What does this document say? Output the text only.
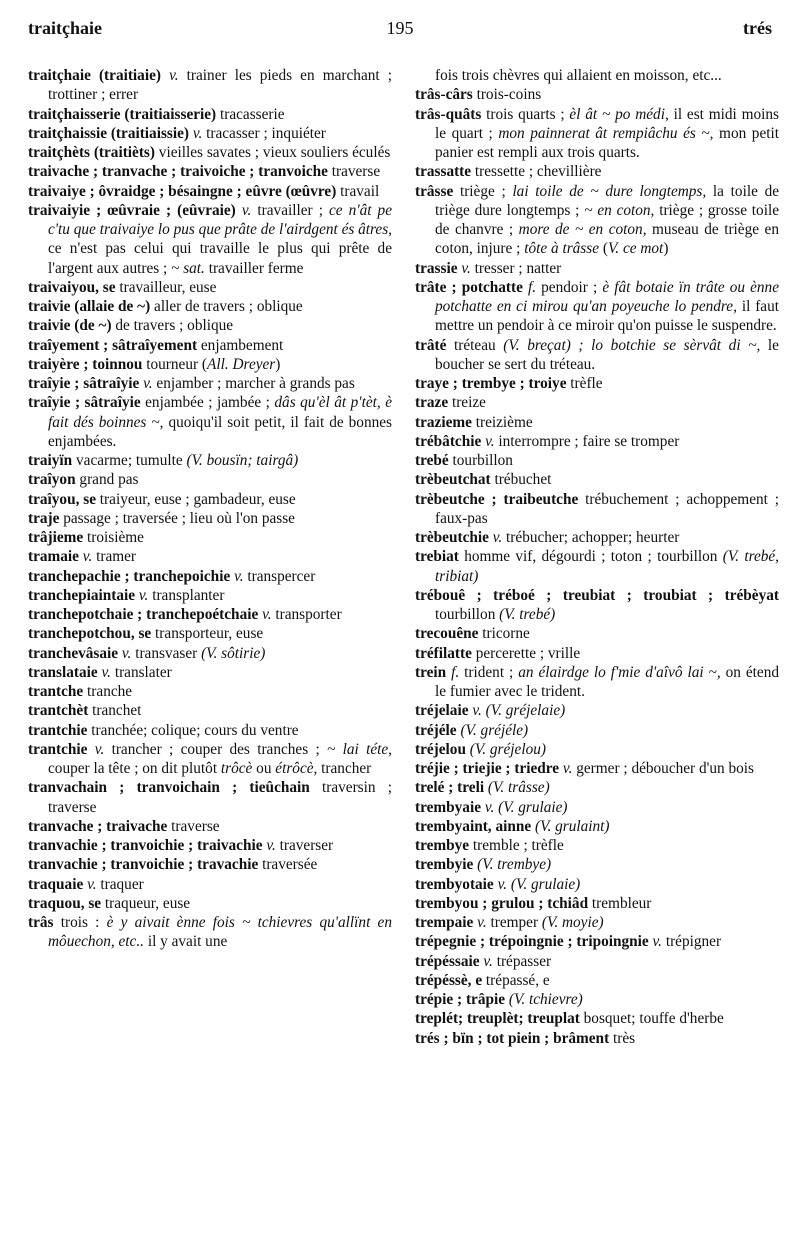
traitçhaie	195	trés
traitçhaie (traitiaie) v. trainer les pieds en marchant ; trottiner ; errer
traitçhaisserie (traitiaisserie) tracasserie
traitçhaissie (traitiaissie) v. tracasser ; inquiéter
traitçhèts (traitièts) vieilles savates ; vieux souliers éculés
traivache ; tranvache ; traivoiche ; tranvoiche traverse
traivaiye ; ôvraidge ; bésaingne ; eûvre (œûvre) travail
traivaiyie ; œûvraie ; (eûvraie) v. travailler ; ce n'ât pe c'tu que traivaiye lo pus que prâte de l'airdgent és âtres, ce n'est pas celui qui travaille le plus qui prête de l'argent aux autres ; ~ sat. travailler ferme
traivaiyou, se travailleur, euse
traivie (allaie de ~) aller de travers ; oblique
traivie (de ~) de travers ; oblique
traîyement ; sâtraîyement enjambement
traiyère ; toinnou tourneur (All. Dreyer)
traîyie ; sâtraîyie v. enjamber ; marcher à grands pas
traîyie ; sâtraîyie enjambée ; jambée ; dâs qu'èl ât p'tèt, è fait dés boinnes ~, quoiqu'il soit petit, il fait de bonnes enjambées.
traiyïn vacarme; tumulte (V. bousïn; tairgâ)
traîyon grand pas
traîyou, se traiyeur, euse ; gambadeur, euse
traje passage ; traversée ; lieu où l'on passe
trâjieme troisième
tramaie v. tramer
tranchepachie ; tranchepoichie v. transpercer
tranchepiaintaie v. transplanter
tranchepotchaie ; tranchepoétchaie v. transporter
tranchepotchou, se transporteur, euse
tranchevâsaie v. transvaser (V. sôtirie)
translataie v. translater
trantche tranche
trantchèt tranchet
trantchie tranchée; colique; cours du ventre
trantchie v. trancher ; couper des tranches ; ~ lai téte, couper la tête ; on dit plutôt trôcè ou étrôcè, trancher
tranvachain ; tranvoichain ; tieûchain traversin ; traverse
tranvache ; traivache traverse
tranvachie ; tranvoichie ; traivachie v. traverser
tranvachie ; tranvoichie ; travachie traversée
traquaie v. traquer
traquou, se traqueur, euse
trâs trois : è y aivait ènne fois ~ tchievres qu'allïnt en môuechon, etc.. il y avait une
fois trois chèvres qui allaient en moisson, etc...
trâs-cârs trois-coins
trâs-quâts trois quarts ; èl ât ~ po médi, il est midi moins le quart ; mon painnerat ât rempiâchu és ~, mon petit panier est rempli aux trois quarts.
trassatte tressette ; chevillière
trâsse triège ; lai toile de ~ dure longtemps, la toile de triège dure longtemps ; ~ en coton, triège ; grosse toile de chanvre ; more de ~ en coton, museau de triège en coton, injure ; tôte à trâsse (V. ce mot)
trassie v. tresser ; natter
trâte ; potchatte f. pendoir ; è fât botaie ïn trâte ou ènne potchatte en ci mirou qu'an poyeuche lo pendre, il faut mettre un pendoir à ce miroir qu'on puisse le suspendre.
trâté tréteau (V. breçat) ; lo botchie se sèrvât di ~, le boucher se sert du tréteau.
traye ; trembye ; troiye trèfle
traze treize
trazieme treizième
trébâtchie v. interrompre ; faire se tromper
trebé tourbillon
trèbeutchat trébuchet
trèbeutche ; traibeutche trébuchement ; achoppement ; faux-pas
trèbeutchie v. trébucher; achopper; heurter
trebiat homme vif, dégourdi ; toton ; tourbillon (V. trebé, tribiat)
trébouê ; tréboé ; treubiat ; troubiat ; trébèyat tourbillon (V. trebé)
trecouêne tricorne
tréfilatte percerette ; vrille
trein f. trident ; an élairdge lo f'mie d'aîvô lai ~, on étend le fumier avec le trident.
tréjelaie v. (V. gréjelaie)
tréjéle (V. gréjéle)
tréjelou (V. gréjelou)
tréjie ; triejie ; triedre v. germer ; déboucher d'un bois
trelé ; treli (V. trâsse)
trembyaie v. (V. grulaie)
trembyaint, ainne (V. grulaint)
trembye tremble ; trèfle
trembyie (V. trembye)
trembyotaie v. (V. grulaie)
trembyou ; grulou ; tchiâd trembleur
trempaie v. tremper (V. moyie)
trépegnie ; trépoingnie ; tripoingnie v. trépigner
trépéssaie v. trépasser
trépéssè, e trépassé, e
trépie ; trâpie (V. tchievre)
treplét; treuplèt; treuplat bosquet; touffe d'herbe
trés ; bïn ; tot piein ; brâment très
